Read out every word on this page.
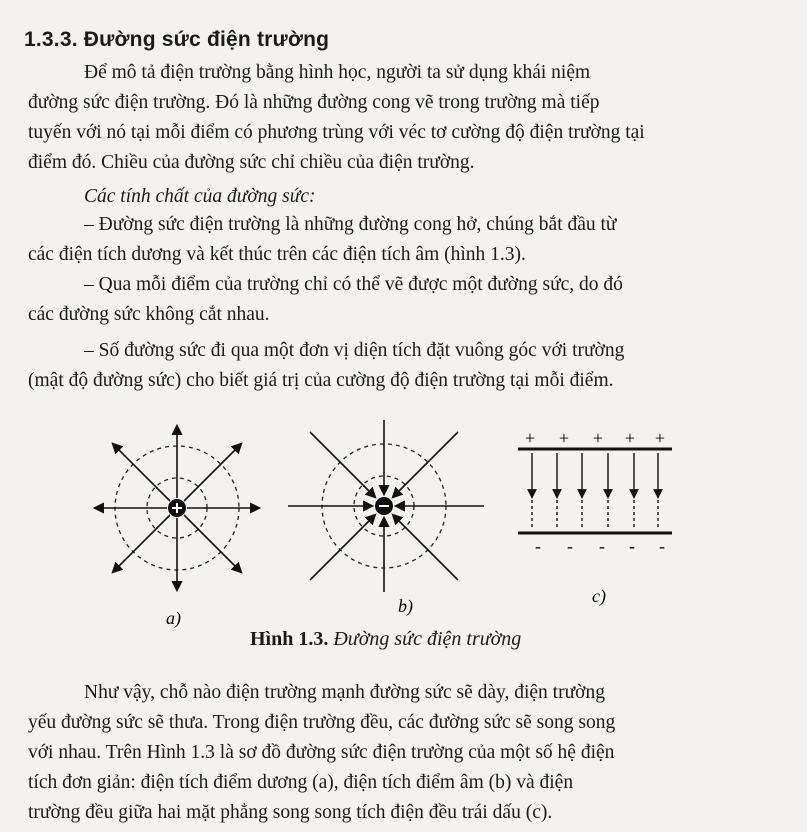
1.3.3. Đường sức điện trường
Để mô tả điện trường bằng hình học, người ta sử dụng khái niệm
đường sức điện trường. Đó là những đường cong vẽ trong trường mà tiếp
tuyến với nó tại mỗi điểm có phương trùng với véc tơ cường độ điện trường tại
điểm đó. Chiều của đường sức chỉ chiều của điện trường.
Các tính chất của đường sức:
– Đường sức điện trường là những đường cong hở, chúng bắt đầu từ
các điện tích dương và kết thúc trên các điện tích âm (hình 1.3).
– Qua mỗi điểm của trường chỉ có thể vẽ được một đường sức, do đó
các đường sức không cắt nhau.
– Số đường sức đi qua một đơn vị diện tích đặt vuông góc với trường
(mật độ đường sức) cho biết giá trị của cường độ điện trường tại mỗi điểm.
a)
b)
+ + + + +
- - - - -
c)
Hình 1.3. Đường sức điện trường
Như vậy, chỗ nào điện trường mạnh đường sức sẽ dày, điện trường
yếu đường sức sẽ thưa. Trong điện trường đều, các đường sức sẽ song song
với nhau. Trên Hình 1.3 là sơ đồ đường sức điện trường của một số hệ điện
tích đơn giản: điện tích điểm dương (a), điện tích điểm âm (b) và điện
trường đều giữa hai mặt phẳng song song tích điện đều trái dấu (c).
